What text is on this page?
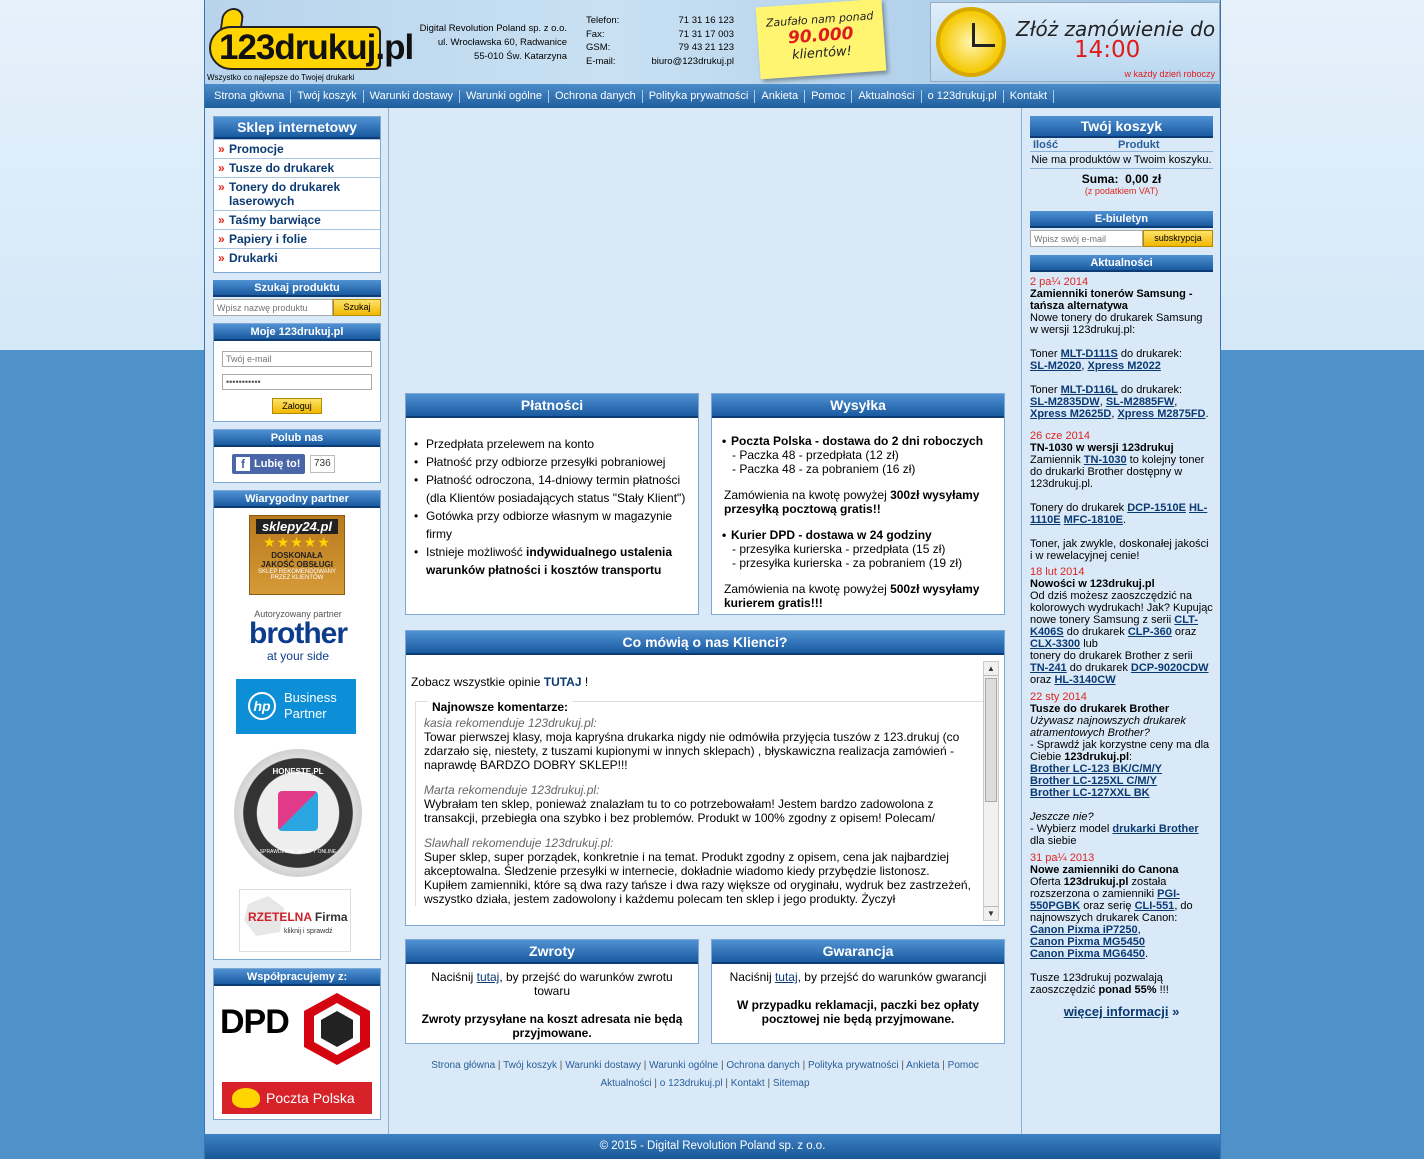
123drukuj.pl
Wszystko co najlepsze do Twojej drukarki
Digital Revolution Poland sp. z o.o.
ul. Wrocławska 60, Radwanice
55-010 Św. Katarzyna
Telefon:	71 31 16 123
Fax:	71 31 17 003
GSM:	79 43 21 123
E-mail:	biuro@123drukuj.pl
Zaufało nam ponad
90.000
klientów!
Złóż zamówienie do
14:00
w każdy dzień roboczy
Strona główna	Twój koszyk	Warunki dostawy	Warunki ogólne	Ochrona danych	Polityka prywatności	Ankieta	Pomoc	Aktualności	o 123drukuj.pl	Kontakt
Sklep internetowy
» Promocje
» Tusze do drukarek
» Tonery do drukarek laserowych
» Taśmy barwiące
» Papiery i folie
» Drukarki
Szukaj produktu
Wpisz nazwę produktu
Szukaj
Moje 123drukuj.pl
Twój e-mail
•••••••••••
Zaloguj
Polub nas
f Lubię to!	736
Wiarygodny partner
sklepy24.pl
★★★★★
DOSKONAŁA
JAKOŚĆ OBSŁUGI
SKLEP REKOMENDOWANY
PRZEZ KLIENTÓW
Autoryzowany partner
brother
at your side
hp
Business
Partner
HONESTE.PL
SPRAWDZONE SKLEPY ONLINE
RZETELNA Firma
kliknij i sprawdź
Współpracujemy z:
DPD
Poczta Polska
Płatności
• Przedpłata przelewem na konto
• Płatność przy odbiorze przesyłki pobraniowej
• Płatność odroczona, 14-dniowy termin płatności (dla Klientów posiadających status "Stały Klient")
• Gotówka przy odbiorze własnym w magazynie firmy
• Istnieje możliwość indywidualnego ustalenia warunków płatności i kosztów transportu
Wysyłka
• Poczta Polska - dostawa do 2 dni roboczych
- Paczka 48 - przedpłata (12 zł)
- Paczka 48 - za pobraniem (16 zł)
Zamówienia na kwotę powyżej 300zł wysyłamy przesyłką pocztową gratis!!
• Kurier DPD - dostawa w 24 godziny
- przesyłka kurierska - przedpłata (15 zł)
- przesyłka kurierska - za pobraniem (19 zł)
Zamówienia na kwotę powyżej 500zł wysyłamy kurierem gratis!!!
Co mówią o nas Klienci?
Zobacz wszystkie opinie TUTAJ !
Najnowsze komentarze:
kasia rekomenduje 123drukuj.pl:
Towar pierwszej klasy, moja kapryśna drukarka nigdy nie odmówiła przyjęcia tuszów z 123.drukuj (co zdarzało się, niestety, z tuszami kupionymi w innych sklepach) , błyskawiczna realizacja zamówień - naprawdę BARDZO DOBRY SKLEP!!!
Marta rekomenduje 123drukuj.pl:
Wybrałam ten sklep, ponieważ znalazłam tu to co potrzebowałam! Jestem bardzo zadowolona z transakcji, przebiegła ona szybko i bez problemów. Produkt w 100% zgodny z opisem! Polecam/
Slawhall rekomenduje 123drukuj.pl:
Super sklep, super porządek, konkretnie i na temat. Produkt zgodny z opisem, cena jak najbardziej akceptowalna. Śledzenie przesyłki w internecie, dokładnie wiadomo kiedy przybędzie listonosz. Kupiłem zamienniki, które są dwa razy tańsze i dwa razy większe od oryginału, wydruk bez zastrzeżeń, wszystko działa, jestem zadowolony i każdemu polecam ten sklep i jego produkty. Życzył
▲
▼
Zwroty
Naciśnij tutaj, by przejść do warunków zwrotu towaru
Zwroty przysyłane na koszt adresata nie będą przyjmowane.
Gwarancja
Naciśnij tutaj, by przejść do warunków gwarancji
W przypadku reklamacji, paczki bez opłaty pocztowej nie będą przyjmowane.
Strona główna | Twój koszyk | Warunki dostawy | Warunki ogólne | Ochrona danych | Polityka prywatności | Ankieta | Pomoc
Aktualności | o 123drukuj.pl | Kontakt | Sitemap
Twój koszyk
Ilość	Produkt
Nie ma produktów w Twoim koszyku.
Suma: 0,00 zł
(z podatkiem VAT)
E-biuletyn
Wpisz swój e-mail
subskrypcja
Aktualności
2 pa¼ 2014
Zamienniki tonerów Samsung - tańsza alternatywa
Nowe tonery do drukarek Samsung w wersji 123drukuj.pl:

Toner MLT-D111S do drukarek:
SL-M2020, Xpress M2022

Toner MLT-D116L do drukarek:
SL-M2835DW, SL-M2885FW, Xpress M2625D, Xpress M2875FD.
26 cze 2014
TN-1030 w wersji 123drukuj
Zamiennik TN-1030 to kolejny toner do drukarki Brother dostępny w 123drukuj.pl.

Tonery do drukarek DCP-1510E HL-1110E MFC-1810E.

Toner, jak zwykle, doskonałej jakości i w rewelacyjnej cenie!
18 lut 2014
Nowości w 123drukuj.pl
Od dziś możesz zaoszczędzić na kolorowych wydrukach! Jak? Kupując nowe tonery Samsung z serii CLT-K406S do drukarek CLP-360 oraz CLX-3300 lub
tonery do drukarek Brother z serii TN-241 do drukarek DCP-9020CDW oraz HL-3140CW
22 sty 2014
Tusze do drukarek Brother
Używasz najnowszych drukarek atramentowych Brother?
- Sprawdź jak korzystne ceny ma dla Ciebie 123drukuj.pl:
Brother LC-123 BK/C/M/Y
Brother LC-125XL C/M/Y
Brother LC-127XXL BK

Jeszcze nie?
- Wybierz model drukarki Brother dla siebie
31 pa¼ 2013
Nowe zamienniki do Canona
Oferta 123drukuj.pl została rozszerzona o zamienniki PGI-550PGBK oraz serię CLI-551, do najnowszych drukarek Canon:
Canon Pixma iP7250,
Canon Pixma MG5450
Canon Pixma MG6450.

Tusze 123drukuj pozwalają zaoszczędzić ponad 55% !!!
więcej informacji »
© 2015 - Digital Revolution Poland sp. z o.o.
